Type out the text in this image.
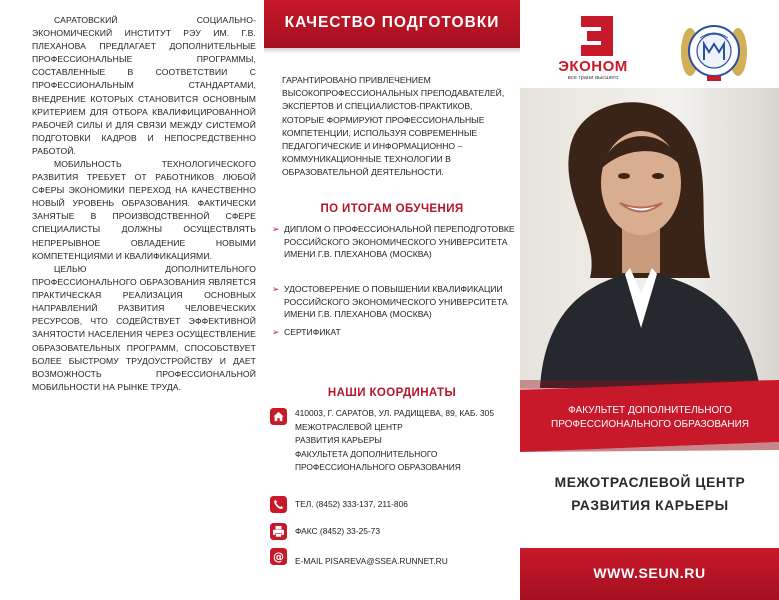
САРАТОВСКИЙ СОЦИАЛЬНО-ЭКОНОМИЧЕСКИЙ ИНСТИТУТ РЭУ ИМ. Г.В. ПЛЕХАНОВА ПРЕДЛАГАЕТ ДОПОЛНИТЕЛЬНЫЕ ПРОФЕССИОНАЛЬНЫЕ ПРОГРАММЫ, СОСТАВЛЕННЫЕ В СООТВЕТСТВИИ С ПРОФЕССИОНАЛЬНЫМ СТАНДАРТАМИ, ВНЕДРЕНИЕ КОТОРЫХ СТАНОВИТСЯ ОСНОВНЫМ КРИТЕРИЕМ ДЛЯ ОТБОРА КВАЛИФИЦИРОВАННОЙ РАБОЧЕЙ СИЛЫ И ДЛЯ СВЯЗИ МЕЖДУ СИСТЕМОЙ ПОДГОТОВКИ КАДРОВ И НЕПОСРЕДСТВЕННО РАБОТОЙ.

МОБИЛЬНОСТЬ ТЕХНОЛОГИЧЕСКОГО РАЗВИТИЯ ТРЕБУЕТ ОТ РАБОТНИКОВ ЛЮБОЙ СФЕРЫ ЭКОНОМИКИ ПЕРЕХОД НА КАЧЕСТВЕННО НОВЫЙ УРОВЕНЬ ОБРАЗОВАНИЯ. ФАКТИЧЕСКИ ЗАНЯТЫЕ В ПРОИЗВОДСТВЕННОЙ СФЕРЕ СПЕЦИАЛИСТЫ ДОЛЖНЫ ОСУЩЕСТВЛЯТЬ НЕПРЕРЫВНОЕ ОВЛАДЕНИЕ НОВЫМИ КОМПЕТЕНЦИЯМИ И КВАЛИФИКАЦИЯМИ.

ЦЕЛЬЮ ДОПОЛНИТЕЛЬНОГО ПРОФЕССИОНАЛЬНОГО ОБРАЗОВАНИЯ ЯВЛЯЕТСЯ ПРАКТИЧЕСКАЯ РЕАЛИЗАЦИЯ ОСНОВНЫХ НАПРАВЛЕНИЙ РАЗВИТИЯ ЧЕЛОВЕЧЕСКИХ РЕСУРСОВ, ЧТО СОДЕЙСТВУЕТ ЭФФЕКТИВНОЙ ЗАНЯТОСТИ НАСЕЛЕНИЯ ЧЕРЕЗ ОСУЩЕСТВЛЕНИЕ ОБРАЗОВАТЕЛЬНЫХ ПРОГРАММ, СПОСОБСТВУЕТ БОЛЕЕ БЫСТРОМУ ТРУДОУСТРОЙСТВУ И ДАЕТ ВОЗМОЖНОСТЬ ПРОФЕССИОНАЛЬНОЙ МОБИЛЬНОСТИ НА РЫНКЕ ТРУДА.

КАЧЕСТВО ПОДГОТОВКИ

ГАРАНТИРОВАНО ПРИВЛЕЧЕНИЕМ ВЫСОКОПРОФЕССИОНАЛЬНЫХ ПРЕПОДАВАТЕЛЕЙ, ЭКСПЕРТОВ И СПЕЦИАЛИСТОВ-ПРАКТИКОВ, КОТОРЫЕ ФОРМИРУЮТ ПРОФЕССИОНАЛЬНЫЕ КОМПЕТЕНЦИИ, ИСПОЛЬЗУЯ СОВРЕМЕННЫЕ ПЕДАГОГИЧЕСКИЕ И ИНФОРМАЦИОННО – КОММУНИКАЦИОННЫЕ ТЕХНОЛОГИИ В ОБРАЗОВАТЕЛЬНОЙ ДЕЯТЕЛЬНОСТИ.

ПО ИТОГАМ ОБУЧЕНИЯ
➢ ДИПЛОМ О ПРОФЕССИОНАЛЬНОЙ ПЕРЕПОДГОТОВКЕ РОССИЙСКОГО ЭКОНОМИЧЕСКОГО УНИВЕРСИТЕТА ИМЕНИ Г.В. ПЛЕХАНОВА (МОСКВА)
➢ УДОСТОВЕРЕНИЕ О ПОВЫШЕНИИ КВАЛИФИКАЦИИ РОССИЙСКОГО ЭКОНОМИЧЕСКОГО УНИВЕРСИТЕТА ИМЕНИ Г.В. ПЛЕХАНОВА (МОСКВА)
➢ СЕРТИФИКАТ
НАШИ КООРДИНАТЫ
410003, Г. САРАТОВ, УЛ. РАДИЩЕВА, 89, КАБ. 305
МЕЖОТРАСЛЕВОЙ ЦЕНТР
РАЗВИТИЯ КАРЬЕРЫ
ФАКУЛЬТЕТА ДОПОЛНИТЕЛЬНОГО
ПРОФЕССИОНАЛЬНОГО ОБРАЗОВАНИЯ
ТЕЛ. (8452) 333-137, 211-806
ФАКС (8452) 33-25-73
@ E-MAIL PISAREVA@SSEA.RUNNET.RU
ЭКОНОМ
все грани высшего
ФАКУЛЬТЕТ ДОПОЛНИТЕЛЬНОГО ПРОФЕССИОНАЛЬНОГО ОБРАЗОВАНИЯ
МЕЖОТРАСЛЕВОЙ ЦЕНТР
РАЗВИТИЯ КАРЬЕРЫ
WWW.SEUN.RU
